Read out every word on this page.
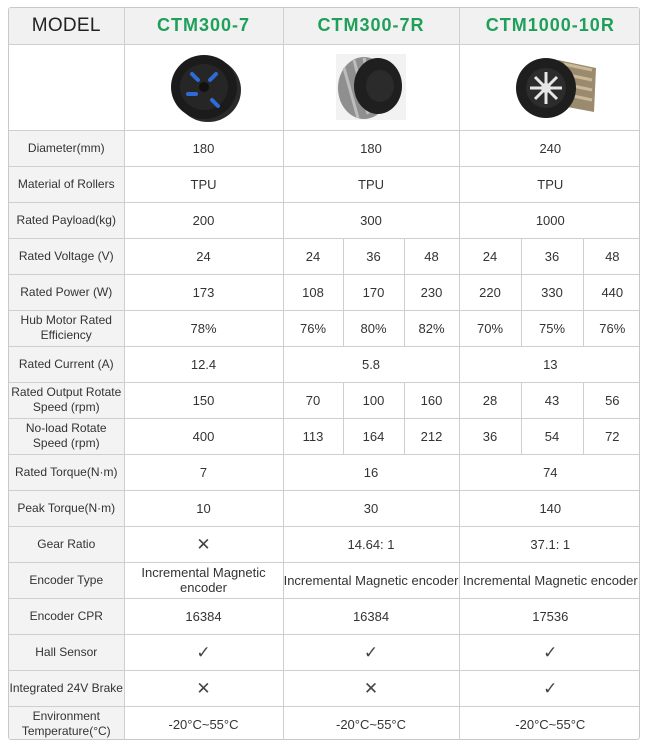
MODEL	CTM300-7	CTM300-7R			CTM1000-10R		

Diameter(mm)	180	180			240		
Material of Rollers	TPU	TPU			TPU		
Rated Payload(kg)	200	300			1000		
Rated Voltage (V)	24	24	36	48	24	36	48
Rated Power (W)	173	108	170	230	220	330	440
Hub Motor Rated Efficiency	78%	76%	80%	82%	70%	75%	76%
Rated Current (A)	12.4	5.8			13		
Rated Output Rotate Speed (rpm)	150	70	100	160	28	43	56
No-load Rotate Speed (rpm)	400	113	164	212	36	54	72
Rated Torque(N·m)	7	16			74		
Peak Torque(N·m)	10	30			140		
Gear Ratio	✕	14.64: 1			37.1: 1		
Encoder Type	Incremental Magnetic encoder	Incremental Magnetic encoder			Incremental Magnetic encoder		
Encoder CPR	16384	16384			17536		
Hall Sensor	✓	✓			✓		
Integrated 24V Brake	✕	✕			✓		
Environment Temperature(°C)	-20°C~55°C	-20°C~55°C			-20°C~55°C		
